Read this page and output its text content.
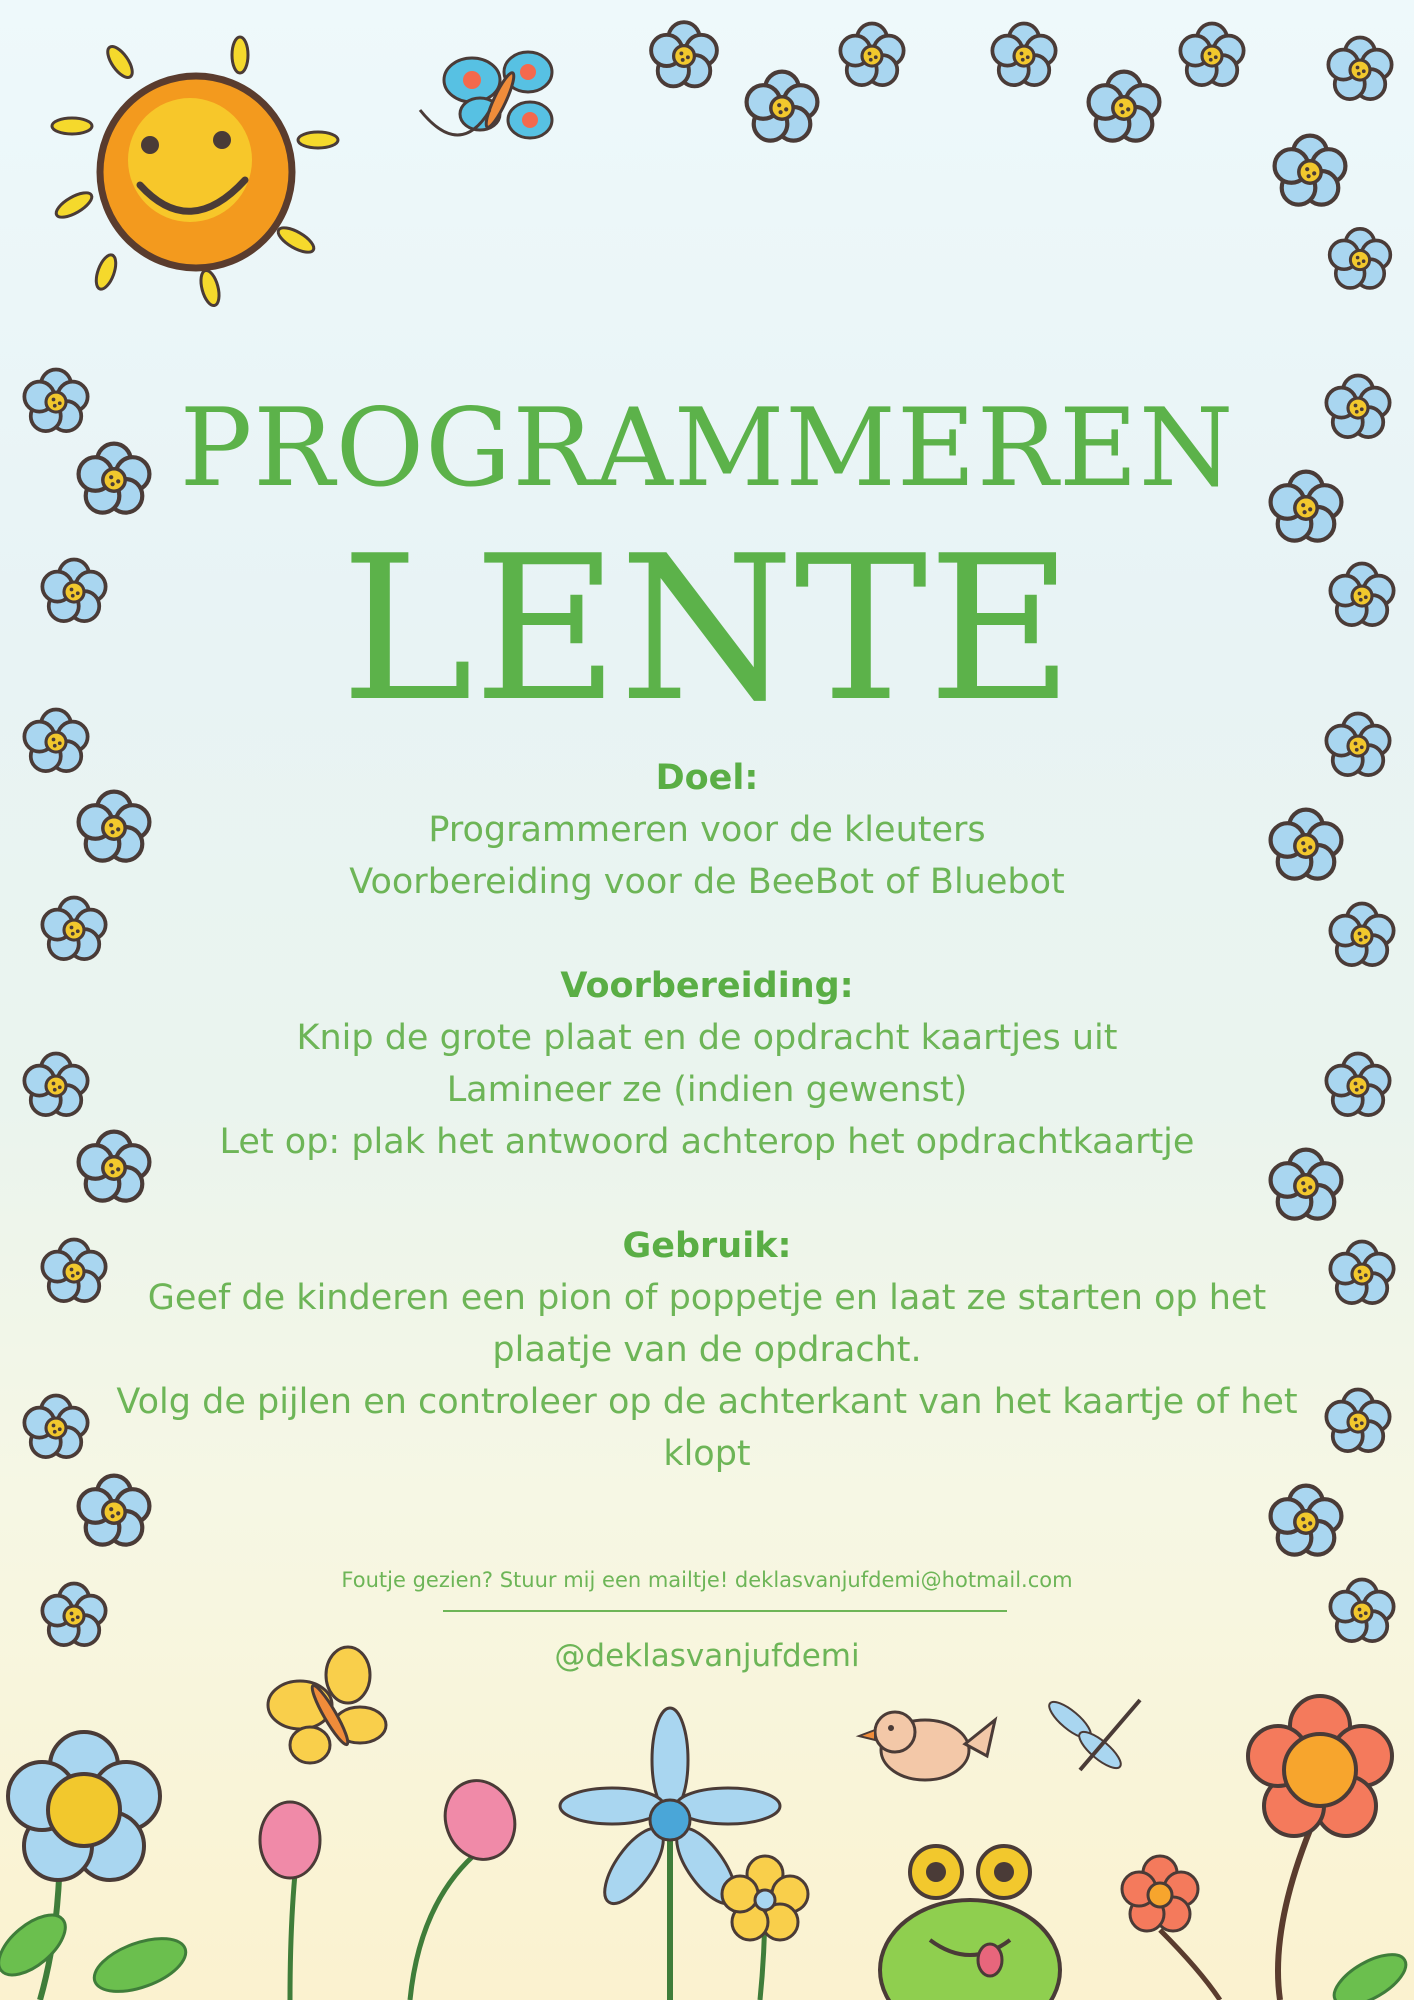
PROGRAMMEREN
LENTE
Doel:
Programmeren voor de kleuters
Voorbereiding voor de BeeBot of Bluebot
Voorbereiding:
Knip de grote plaat en de opdracht kaartjes uit
Lamineer ze (indien gewenst)
Let op: plak het antwoord achterop het opdrachtkaartje
Gebruik:
Geef de kinderen een pion of poppetje en laat ze starten op het
plaatje van de opdracht.
Volg de pijlen en controleer op de achterkant van het kaartje of het
klopt
Foutje gezien? Stuur mij een mailtje! deklasvanjufdemi@hotmail.com
@deklasvanjufdemi
